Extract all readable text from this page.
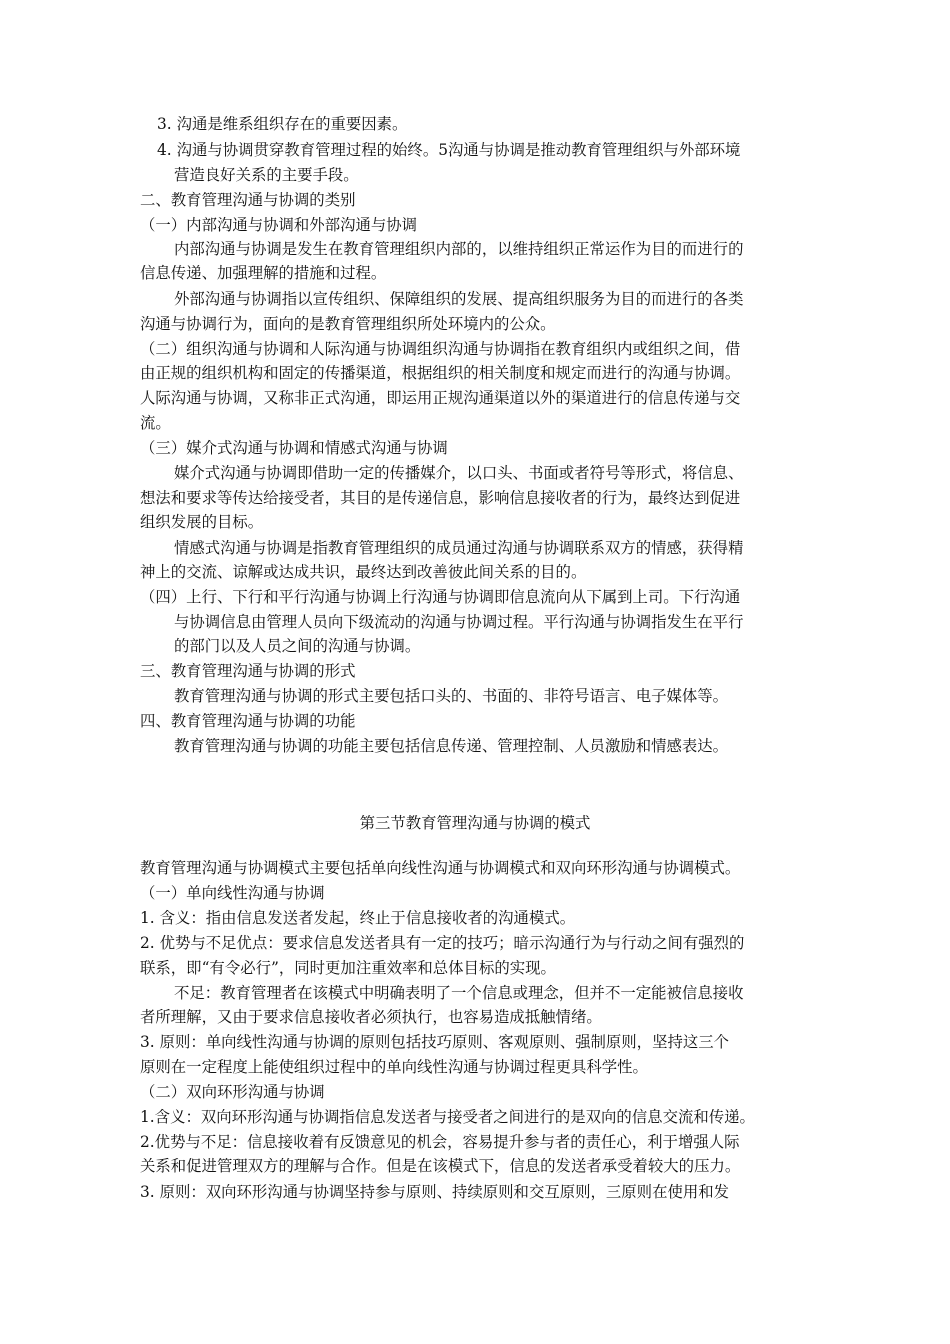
3. 沟通是维系组织存在的重要因素。
4. 沟通与协调贯穿教育管理过程的始终。5沟通与协调是推动教育管理组织与外部环境
营造良好关系的主要手段。
二、教育管理沟通与协调的类别
（一）内部沟通与协调和外部沟通与协调
内部沟通与协调是发生在教育管理组织内部的，以维持组织正常运作为目的而进行的
信息传递、加强理解的措施和过程。
外部沟通与协调指以宣传组织、保障组织的发展、提高组织服务为目的而进行的各类
沟通与协调行为，面向的是教育管理组织所处环境内的公众。
（二）组织沟通与协调和人际沟通与协调组织沟通与协调指在教育组织内或组织之间，借
由正规的组织机构和固定的传播渠道，根据组织的相关制度和规定而进行的沟通与协调。
人际沟通与协调，又称非正式沟通，即运用正规沟通渠道以外的渠道进行的信息传递与交
流。
（三）媒介式沟通与协调和情感式沟通与协调
媒介式沟通与协调即借助一定的传播媒介，以口头、书面或者符号等形式，将信息、
想法和要求等传达给接受者，其目的是传递信息，影响信息接收者的行为，最终达到促进
组织发展的目标。
情感式沟通与协调是指教育管理组织的成员通过沟通与协调联系双方的情感，获得精
神上的交流、谅解或达成共识，最终达到改善彼此间关系的目的。
（四）上行、下行和平行沟通与协调上行沟通与协调即信息流向从下属到上司。下行沟通
与协调信息由管理人员向下级流动的沟通与协调过程。平行沟通与协调指发生在平行
的部门以及人员之间的沟通与协调。
三、教育管理沟通与协调的形式
教育管理沟通与协调的形式主要包括口头的、书面的、非符号语言、电子媒体等。
四、教育管理沟通与协调的功能
教育管理沟通与协调的功能主要包括信息传递、管理控制、人员激励和情感表达。
第三节教育管理沟通与协调的模式
教育管理沟通与协调模式主要包括单向线性沟通与协调模式和双向环形沟通与协调模式。
（一）单向线性沟通与协调
1. 含义：指由信息发送者发起，终止于信息接收者的沟通模式。
2. 优势与不足优点：要求信息发送者具有一定的技巧；暗示沟通行为与行动之间有强烈的
联系，即“有令必行”，同时更加注重效率和总体目标的实现。
不足：教育管理者在该模式中明确表明了一个信息或理念，但并不一定能被信息接收
者所理解，又由于要求信息接收者必须执行，也容易造成抵触情绪。
3. 原则：单向线性沟通与协调的原则包括技巧原则、客观原则、强制原则，坚持这三个
原则在一定程度上能使组织过程中的单向线性沟通与协调过程更具科学性。
（二）双向环形沟通与协调
1.含义：双向环形沟通与协调指信息发送者与接受者之间进行的是双向的信息交流和传递。
2.优势与不足：信息接收着有反馈意见的机会，容易提升参与者的责任心，利于增强人际
关系和促进管理双方的理解与合作。但是在该模式下，信息的发送者承受着较大的压力。
3. 原则：双向环形沟通与协调坚持参与原则、持续原则和交互原则，三原则在使用和发
